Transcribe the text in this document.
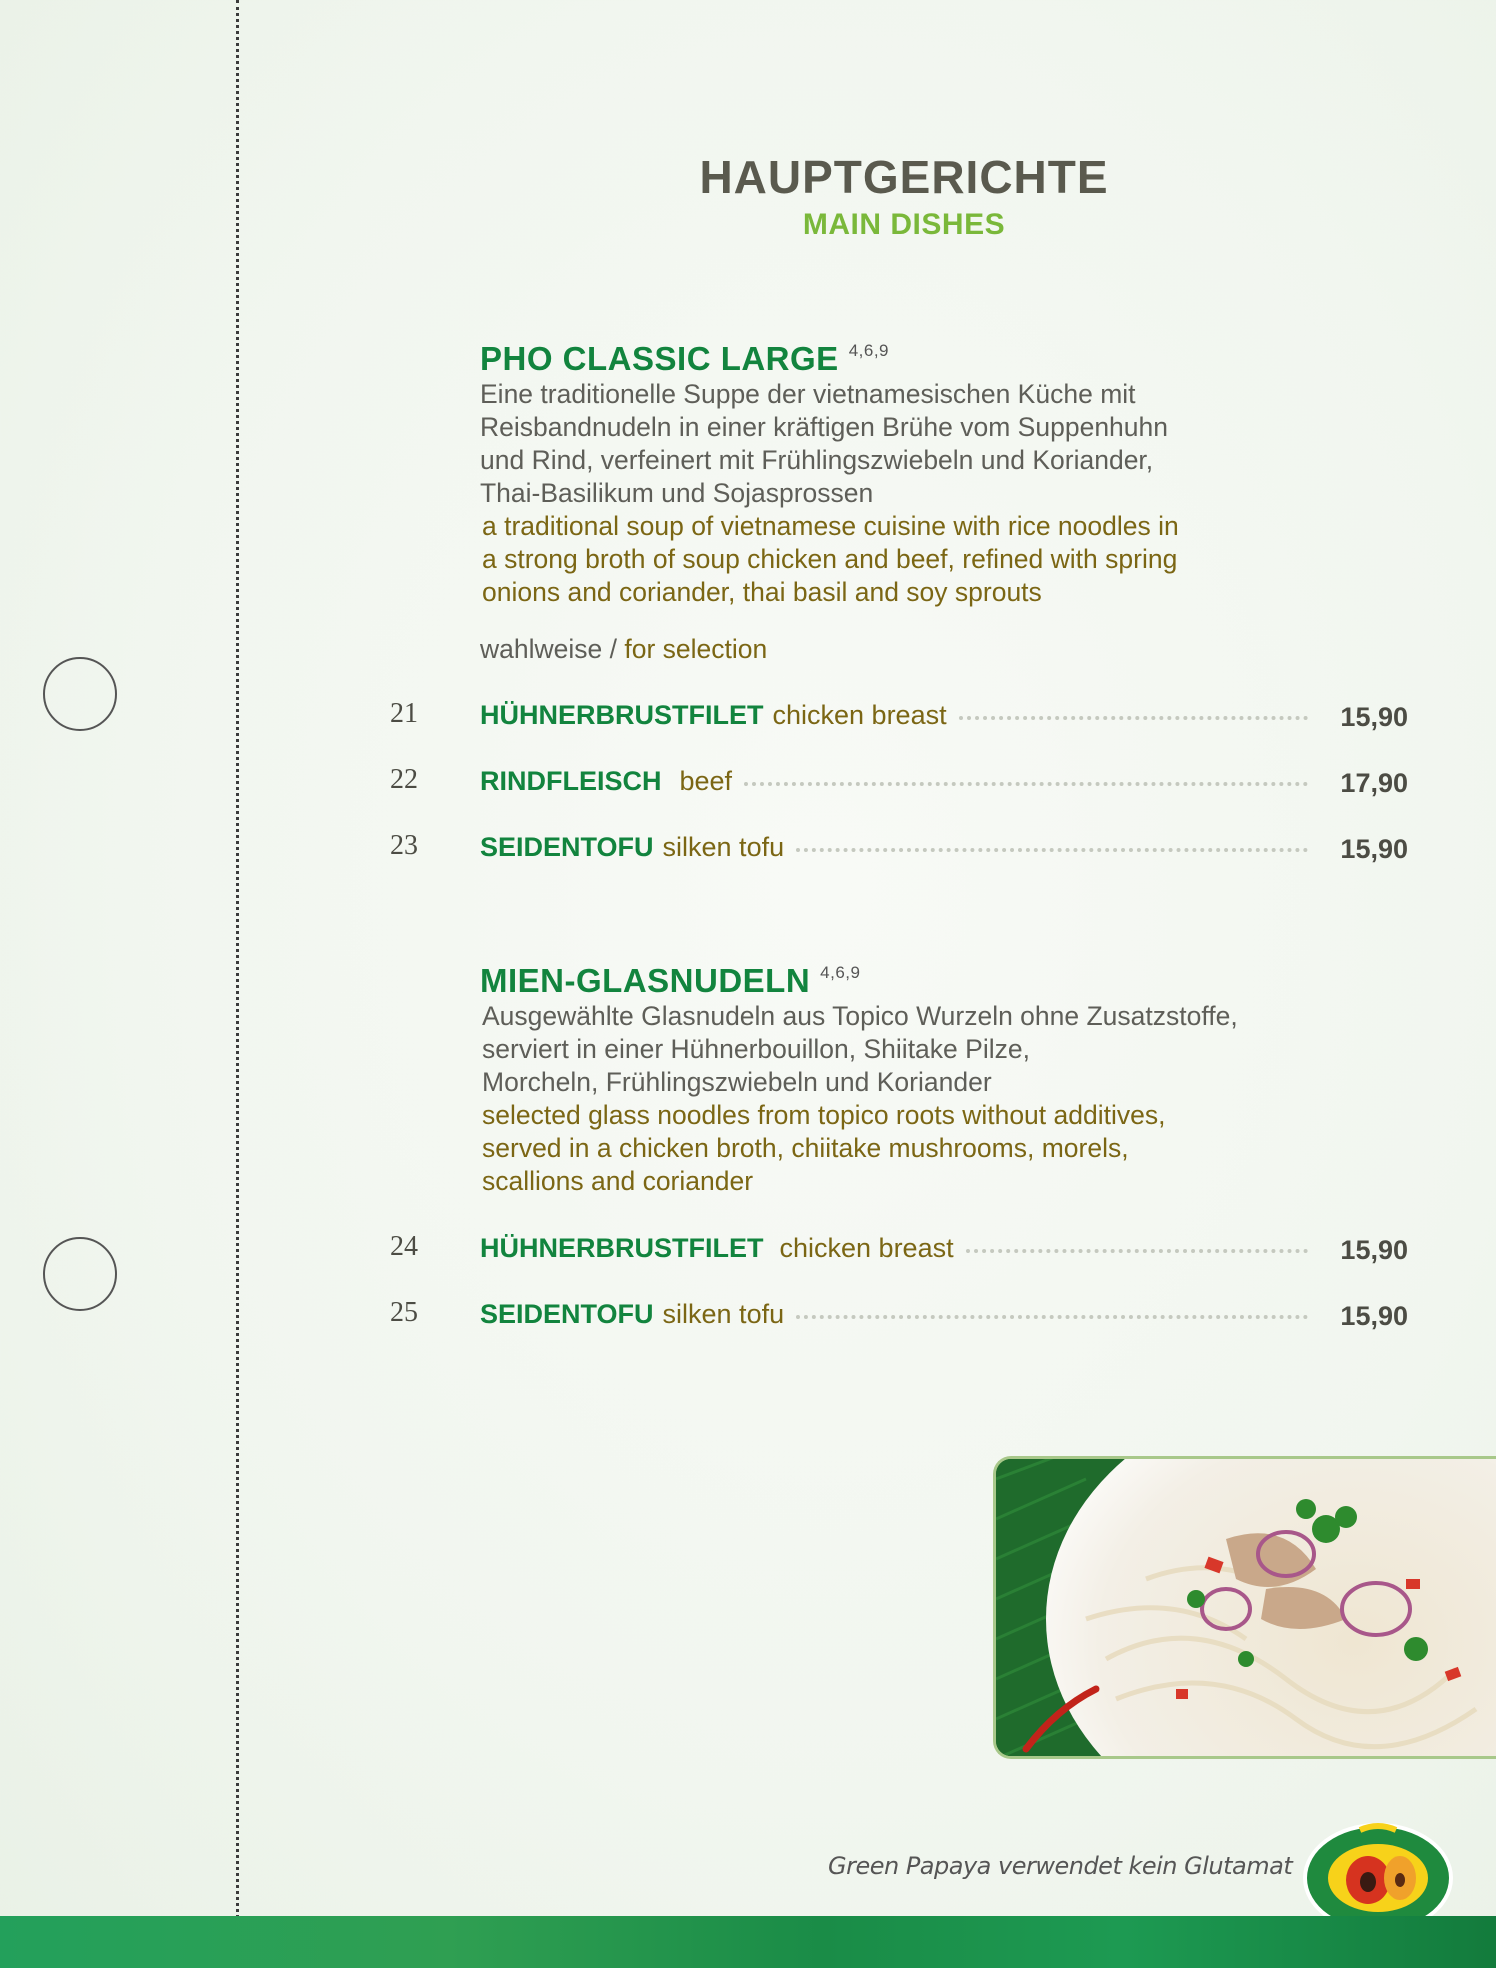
HAUPTGERICHTE
MAIN DISHES
PHO CLASSIC LARGE $^{4,6,9}$
Eine traditionelle Suppe der vietnamesischen Küche mit
Reisbandnudeln in einer kräftigen Brühe vom Suppenhuhn
und Rind, verfeinert mit Frühlingszwiebeln und Koriander,
Thai-Basilikum und Sojasprossen
a traditional soup of vietnamese cuisine with rice noodles in
a strong broth of soup chicken and beef, refined with spring
onions and coriander, thai basil and soy sprouts
wahlweise / for selection
21 HÜHNERBRUSTFILET chicken breast	15,90
22 RINDFLEISCH beef	17,90
23 SEIDENTOFU silken tofu	15,90
MIEN-GLASNUDELN $^{4,6,9}$
Ausgewählte Glasnudeln aus Topico Wurzeln ohne Zusatzstoffe,
serviert in einer Hühnerbouillon, Shiitake Pilze,
Morcheln, Frühlingszwiebeln und Koriander
selected glass noodles from topico roots without additives,
served in a chicken broth, chiitake mushrooms, morels,
scallions and coriander
24 HÜHNERBRUSTFILET chicken breast	15,90
25 SEIDENTOFU silken tofu	15,90
Green Papaya verwendet kein Glutamat
